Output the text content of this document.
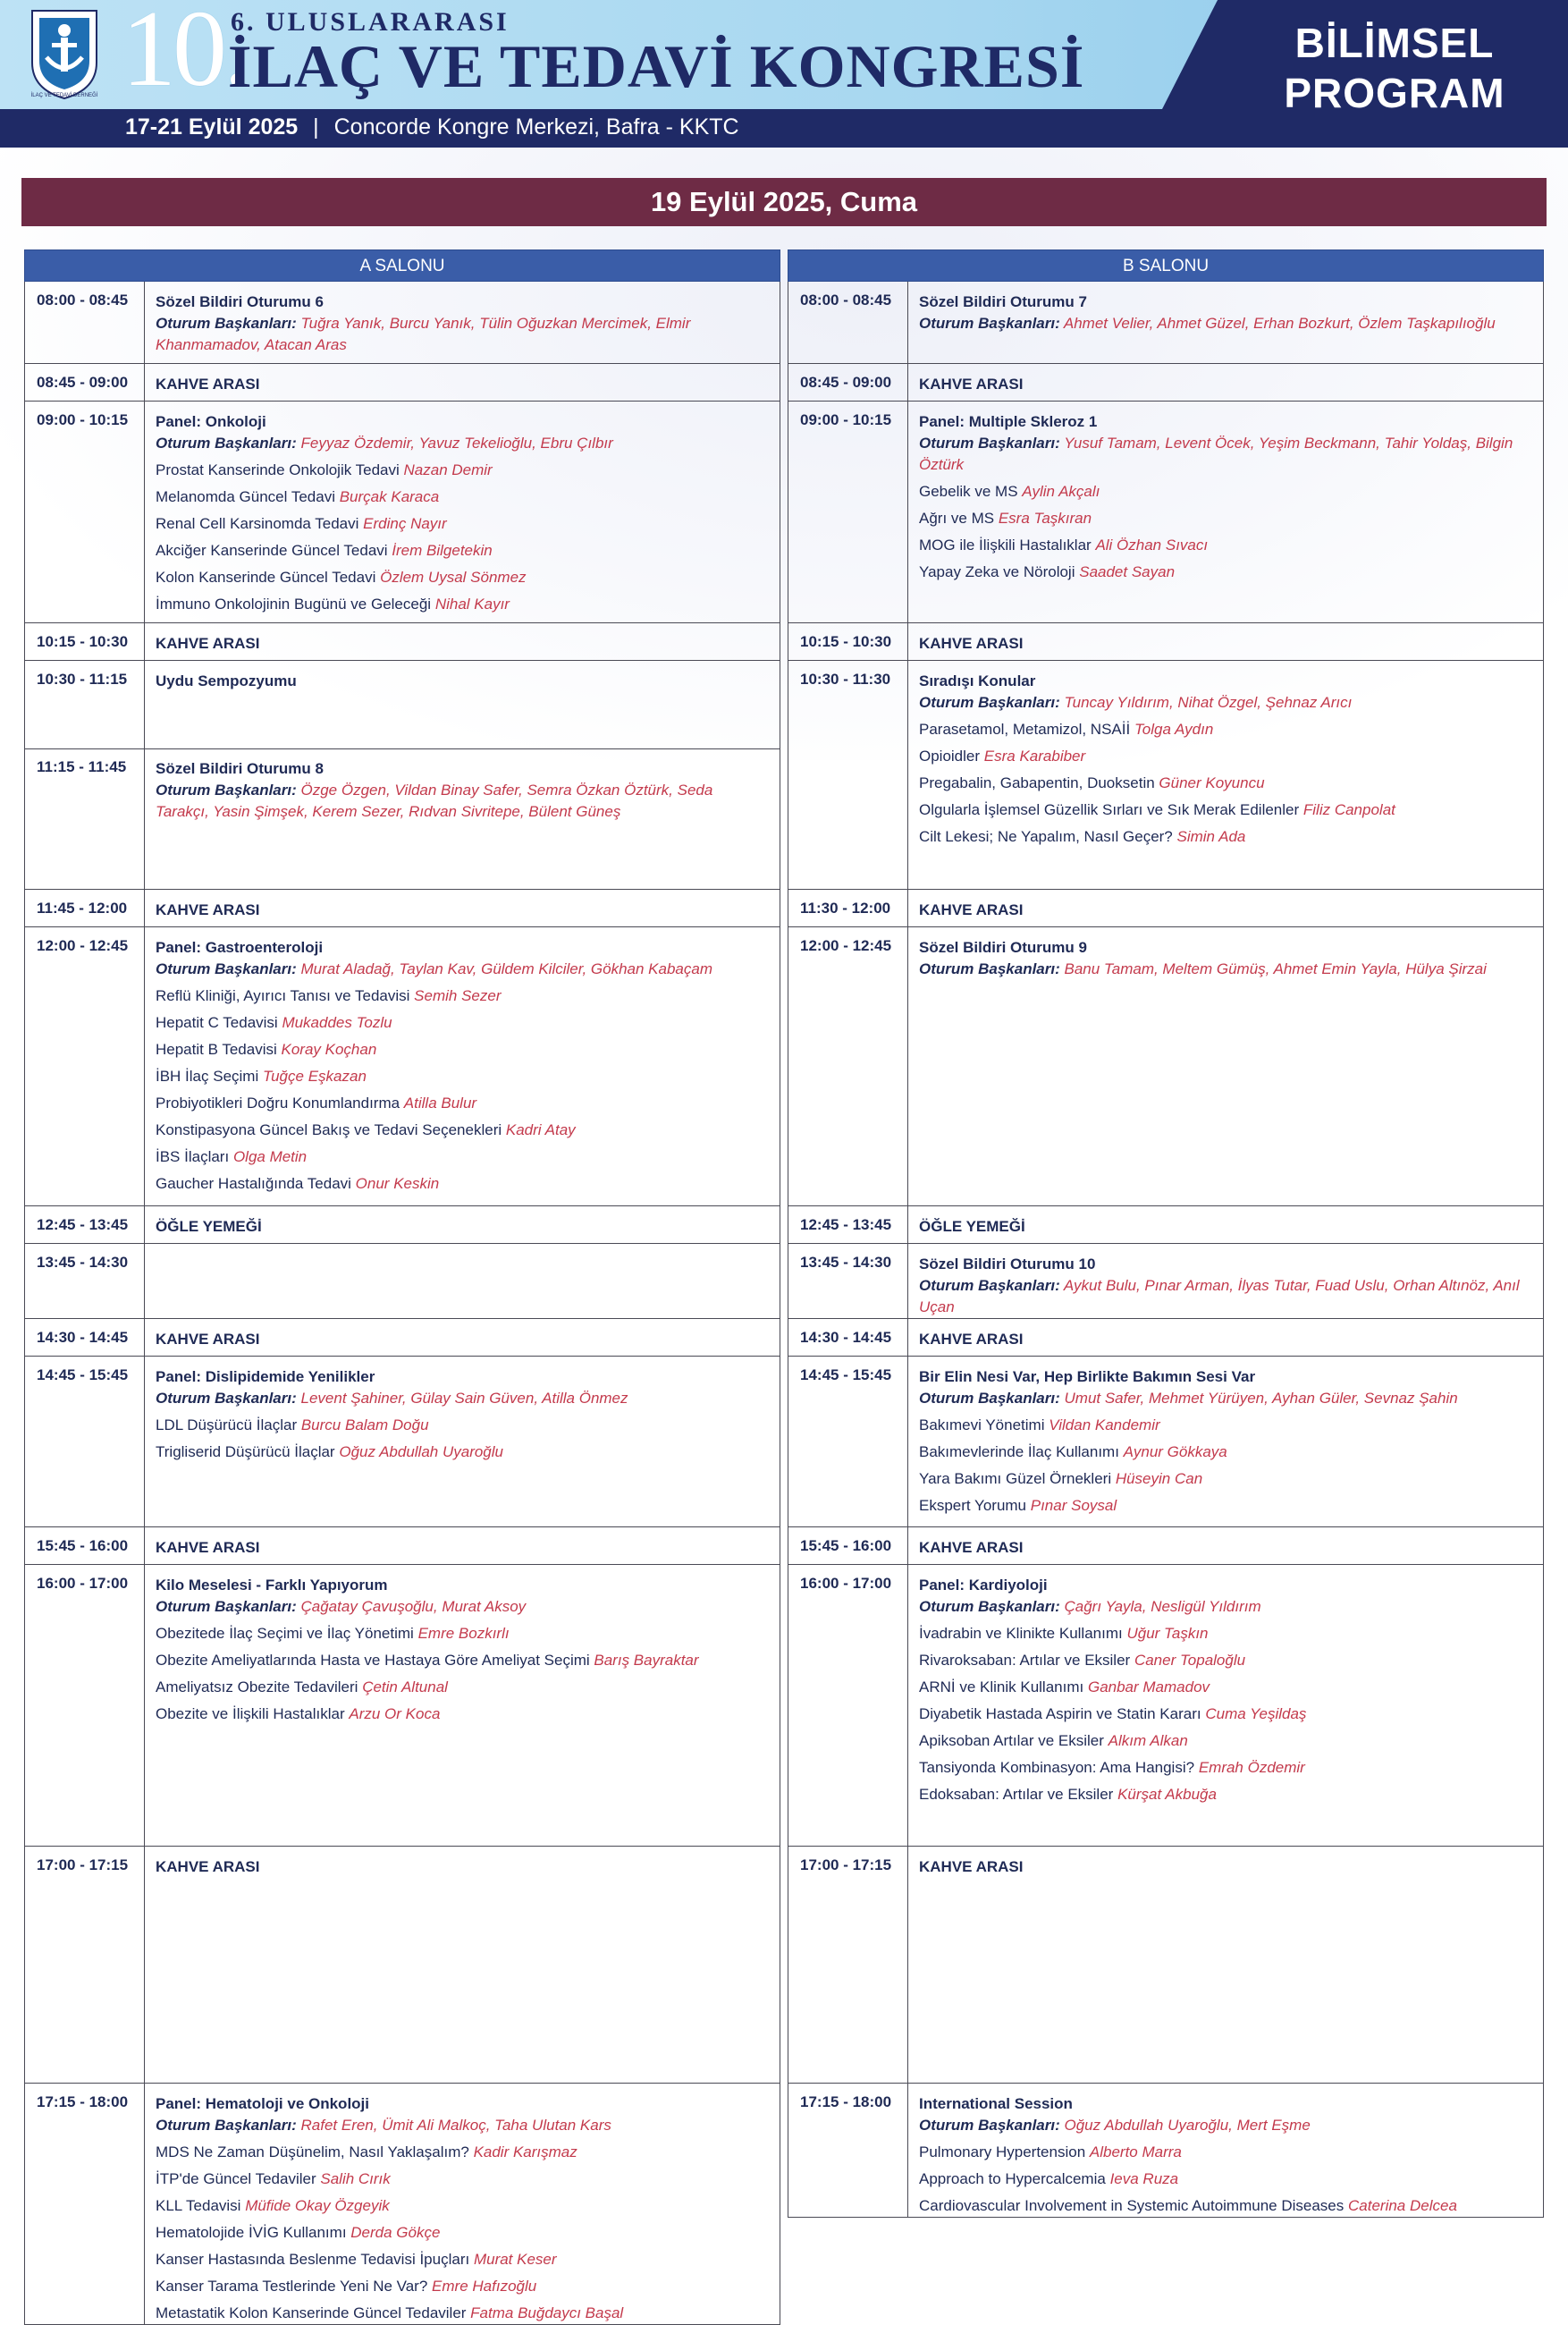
İLAÇ VE TEDAVİ DERNEĞİ 10.
6. ULUSLARARASI
İLAÇ VE TEDAVİ KONGRESİ
17-21 Eylül 2025 | Concorde Kongre Merkezi, Bafra - KKTC
BİLİMSEL
PROGRAM
19 Eylül 2025, Cuma
A SALONU
08:00 - 08:45	Sözel Bildiri Oturumu 6
Oturum Başkanları: Tuğra Yanık, Burcu Yanık, Tülin Oğuzkan Mercimek, Elmir Khanmamadov, Atacan Aras
08:45 - 09:00	KAHVE ARASI
09:00 - 10:15	Panel: Onkoloji
Oturum Başkanları: Feyyaz Özdemir, Yavuz Tekelioğlu, Ebru Çılbır
Prostat Kanserinde Onkolojik Tedavi Nazan Demir
Melanomda Güncel Tedavi Burçak Karaca
Renal Cell Karsinomda Tedavi Erdinç Nayır
Akciğer Kanserinde Güncel Tedavi İrem Bilgetekin
Kolon Kanserinde Güncel Tedavi Özlem Uysal Sönmez
İmmuno Onkolojinin Bugünü ve Geleceği Nihal Kayır
10:15 - 10:30	KAHVE ARASI
10:30 - 11:15	Uydu Sempozyumu
11:15 - 11:45	Sözel Bildiri Oturumu 8
Oturum Başkanları: Özge Özgen, Vildan Binay Safer, Semra Özkan Öztürk, Seda Tarakçı, Yasin Şimşek, Kerem Sezer, Rıdvan Sivritepe, Bülent Güneş
11:45 - 12:00	KAHVE ARASI
12:00 - 12:45	Panel: Gastroenteroloji
Oturum Başkanları: Murat Aladağ, Taylan Kav, Güldem Kilciler, Gökhan Kabaçam
Reflü Kliniği, Ayırıcı Tanısı ve Tedavisi Semih Sezer
Hepatit C Tedavisi Mukaddes Tozlu
Hepatit B Tedavisi Koray Koçhan
İBH İlaç Seçimi Tuğçe Eşkazan
Probiyotikleri Doğru Konumlandırma Atilla Bulur
Konstipasyona Güncel Bakış ve Tedavi Seçenekleri Kadri Atay
İBS İlaçları Olga Metin
Gaucher Hastalığında Tedavi Onur Keskin
12:45 - 13:45	ÖĞLE YEMEĞİ
13:45 - 14:30
14:30 - 14:45	KAHVE ARASI
14:45 - 15:45	Panel: Dislipidemide Yenilikler
Oturum Başkanları: Levent Şahiner, Gülay Sain Güven, Atilla Önmez
LDL Düşürücü İlaçlar Burcu Balam Doğu
Trigliserid Düşürücü İlaçlar Oğuz Abdullah Uyaroğlu
15:45 - 16:00	KAHVE ARASI
16:00 - 17:00	Kilo Meselesi - Farklı Yapıyorum
Oturum Başkanları: Çağatay Çavuşoğlu, Murat Aksoy
Obezitede İlaç Seçimi ve İlaç Yönetimi Emre Bozkırlı
Obezite Ameliyatlarında Hasta ve Hastaya Göre Ameliyat Seçimi Barış Bayraktar
Ameliyatsız Obezite Tedavileri Çetin Altunal
Obezite ve İlişkili Hastalıklar Arzu Or Koca
17:00 - 17:15	KAHVE ARASI
17:15 - 18:00	Panel: Hematoloji ve Onkoloji
Oturum Başkanları: Rafet Eren, Ümit Ali Malkoç, Taha Ulutan Kars
MDS Ne Zaman Düşünelim, Nasıl Yaklaşalım? Kadir Karışmaz
İTP'de Güncel Tedaviler Salih Cırık
KLL Tedavisi Müfide Okay Özgeyik
Hematolojide İVİG Kullanımı Derda Gökçe
Kanser Hastasında Beslenme Tedavisi İpuçları Murat Keser
Kanser Tarama Testlerinde Yeni Ne Var? Emre Hafızoğlu
Metastatik Kolon Kanserinde Güncel Tedaviler Fatma Buğdaycı Başal
B SALONU
08:00 - 08:45	Sözel Bildiri Oturumu 7
Oturum Başkanları: Ahmet Velier, Ahmet Güzel, Erhan Bozkurt, Özlem Taşkapılıoğlu
08:45 - 09:00	KAHVE ARASI
09:00 - 10:15	Panel: Multiple Skleroz 1
Oturum Başkanları: Yusuf Tamam, Levent Öcek, Yeşim Beckmann, Tahir Yoldaş, Bilgin Öztürk
Gebelik ve MS Aylin Akçalı
Ağrı ve MS Esra Taşkıran
MOG ile İlişkili Hastalıklar Ali Özhan Sıvacı
Yapay Zeka ve Nöroloji Saadet Sayan
10:15 - 10:30	KAHVE ARASI
10:30 - 11:30	Sıradışı Konular
Oturum Başkanları: Tuncay Yıldırım, Nihat Özgel, Şehnaz Arıcı
Parasetamol, Metamizol, NSAİİ Tolga Aydın
Opioidler Esra Karabiber
Pregabalin, Gabapentin, Duoksetin Güner Koyuncu
Olgularla İşlemsel Güzellik Sırları ve Sık Merak Edilenler Filiz Canpolat
Cilt Lekesi; Ne Yapalım, Nasıl Geçer? Simin Ada
11:30 - 12:00	KAHVE ARASI
12:00 - 12:45	Sözel Bildiri Oturumu 9
Oturum Başkanları: Banu Tamam, Meltem Gümüş, Ahmet Emin Yayla, Hülya Şirzai
12:45 - 13:45	ÖĞLE YEMEĞİ
13:45 - 14:30	Sözel Bildiri Oturumu 10
Oturum Başkanları: Aykut Bulu, Pınar Arman, İlyas Tutar, Fuad Uslu, Orhan Altınöz, Anıl Uçan
14:30 - 14:45	KAHVE ARASI
14:45 - 15:45	Bir Elin Nesi Var, Hep Birlikte Bakımın Sesi Var
Oturum Başkanları: Umut Safer, Mehmet Yürüyen, Ayhan Güler, Sevnaz Şahin
Bakımevi Yönetimi Vildan Kandemir
Bakımevlerinde İlaç Kullanımı Aynur Gökkaya
Yara Bakımı Güzel Örnekleri Hüseyin Can
Ekspert Yorumu Pınar Soysal
15:45 - 16:00	KAHVE ARASI
16:00 - 17:00	Panel: Kardiyoloji
Oturum Başkanları: Çağrı Yayla, Nesligül Yıldırım
İvadrabin ve Klinikte Kullanımı Uğur Taşkın
Rivaroksaban: Artılar ve Eksiler Caner Topaloğlu
ARNİ ve Klinik Kullanımı Ganbar Mamadov
Diyabetik Hastada Aspirin ve Statin Kararı Cuma Yeşildaş
Apiksoban Artılar ve Eksiler Alkım Alkan
Tansiyonda Kombinasyon: Ama Hangisi? Emrah Özdemir
Edoksaban: Artılar ve Eksiler Kürşat Akbuğa
17:00 - 17:15	KAHVE ARASI
17:15 - 18:00	International Session
Oturum Başkanları: Oğuz Abdullah Uyaroğlu, Mert Eşme
Pulmonary Hypertension Alberto Marra
Approach to Hypercalcemia Ieva Ruza
Cardiovascular Involvement in Systemic Autoimmune Diseases Caterina Delcea
